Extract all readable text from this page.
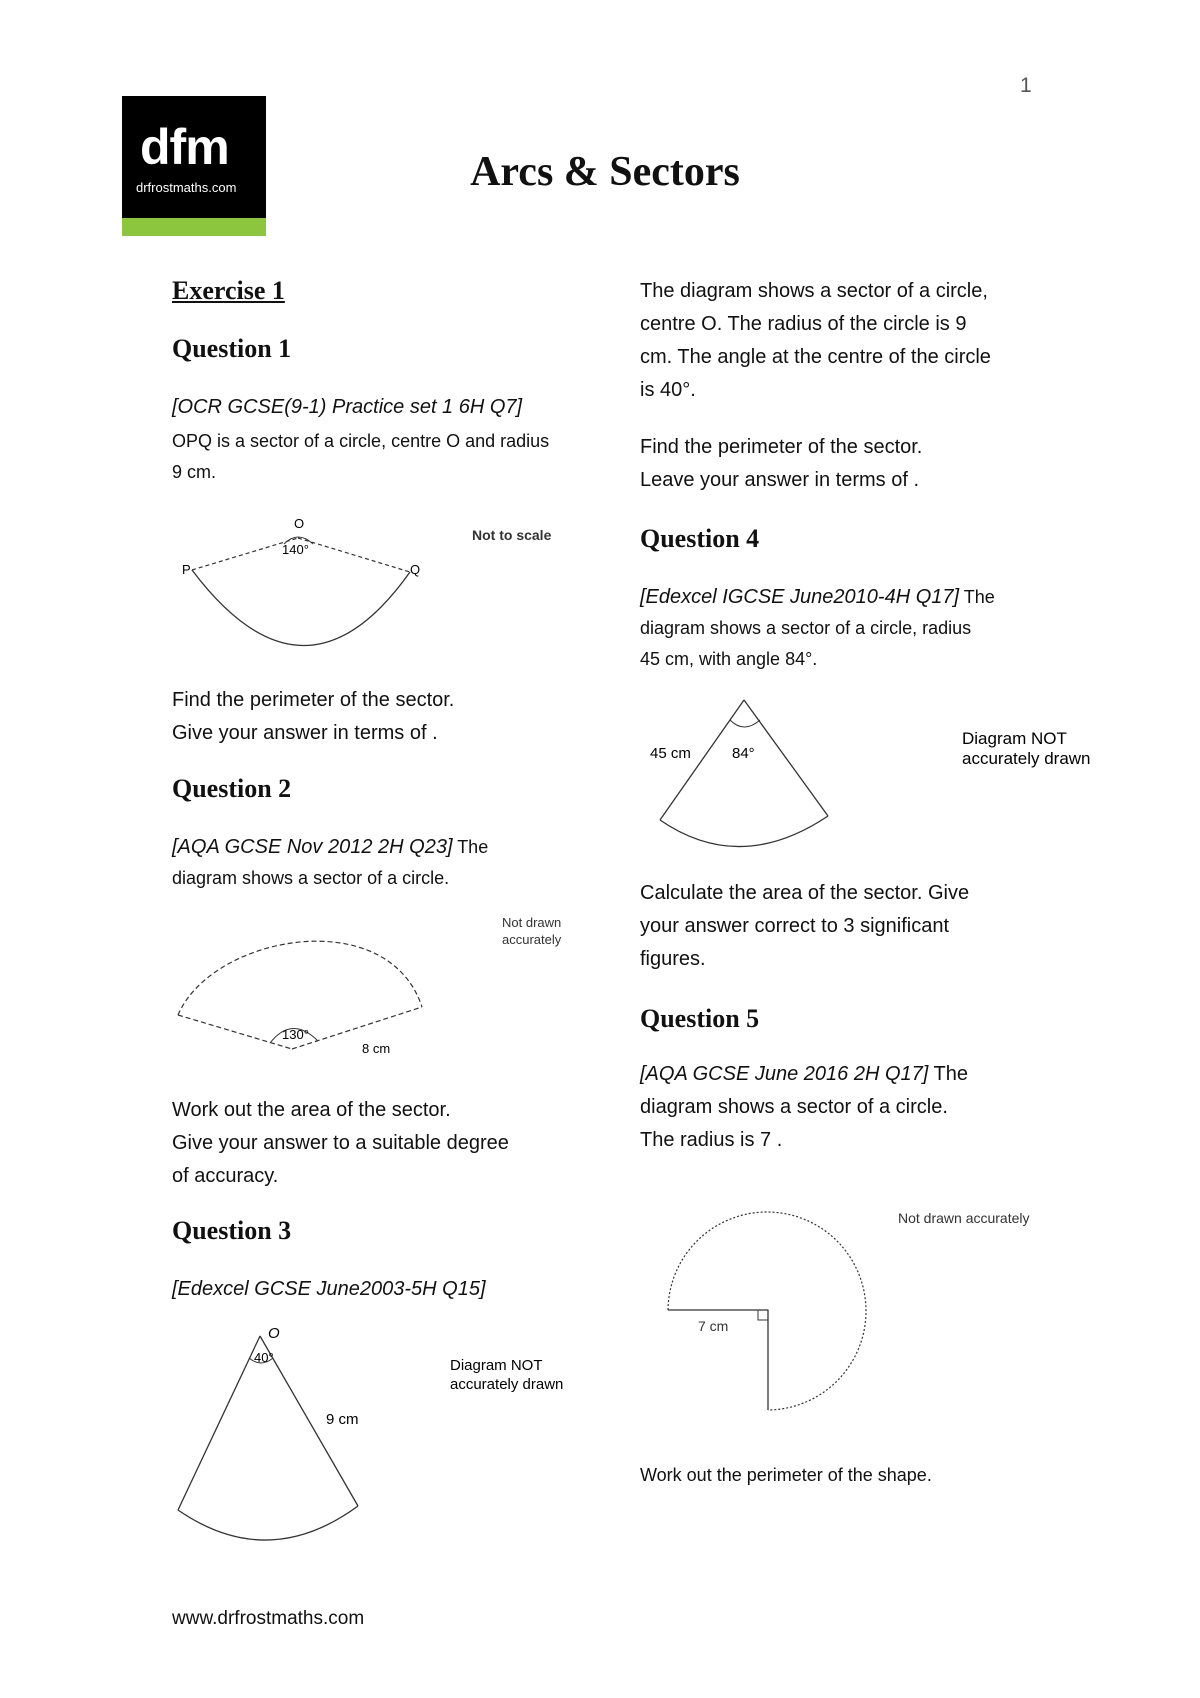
1
dfm
drfrostmaths.com	Arcs & Sectors
Exercise 1
Question 1
[OCR GCSE(9-1) Practice set 1 6H Q7]
OPQ is a sector of a circle, centre O and radius 9 cm.
O
P	Q
140°
Not to scale
Find the perimeter of the sector.
Give your answer in terms of .
Question 2
[AQA GCSE Nov 2012 2H Q23] The diagram shows a sector of a circle.
130°
8 cm
Not drawn
accurately
Work out the area of the sector.
Give your answer to a suitable degree
of accuracy.
Question 3
[Edexcel GCSE June2003-5H Q15]
O
40°
9 cm
Diagram NOT
accurately drawn
The diagram shows a sector of a circle,
centre O. The radius of the circle is 9
cm. The angle at the centre of the circle
is 40°.
Find the perimeter of the sector.
Leave your answer in terms of .
Question 4
[Edexcel IGCSE June2010-4H Q17] The
diagram shows a sector of a circle, radius
45 cm, with angle 84°.
45 cm	84°
Diagram NOT
accurately drawn
Calculate the area of the sector. Give
your answer correct to 3 significant
figures.
Question 5
[AQA GCSE June 2016 2H Q17] The
diagram shows a sector of a circle.
The radius is 7 .
7 cm
Not drawn accurately
Work out the perimeter of the shape.
www.drfrostmaths.com
